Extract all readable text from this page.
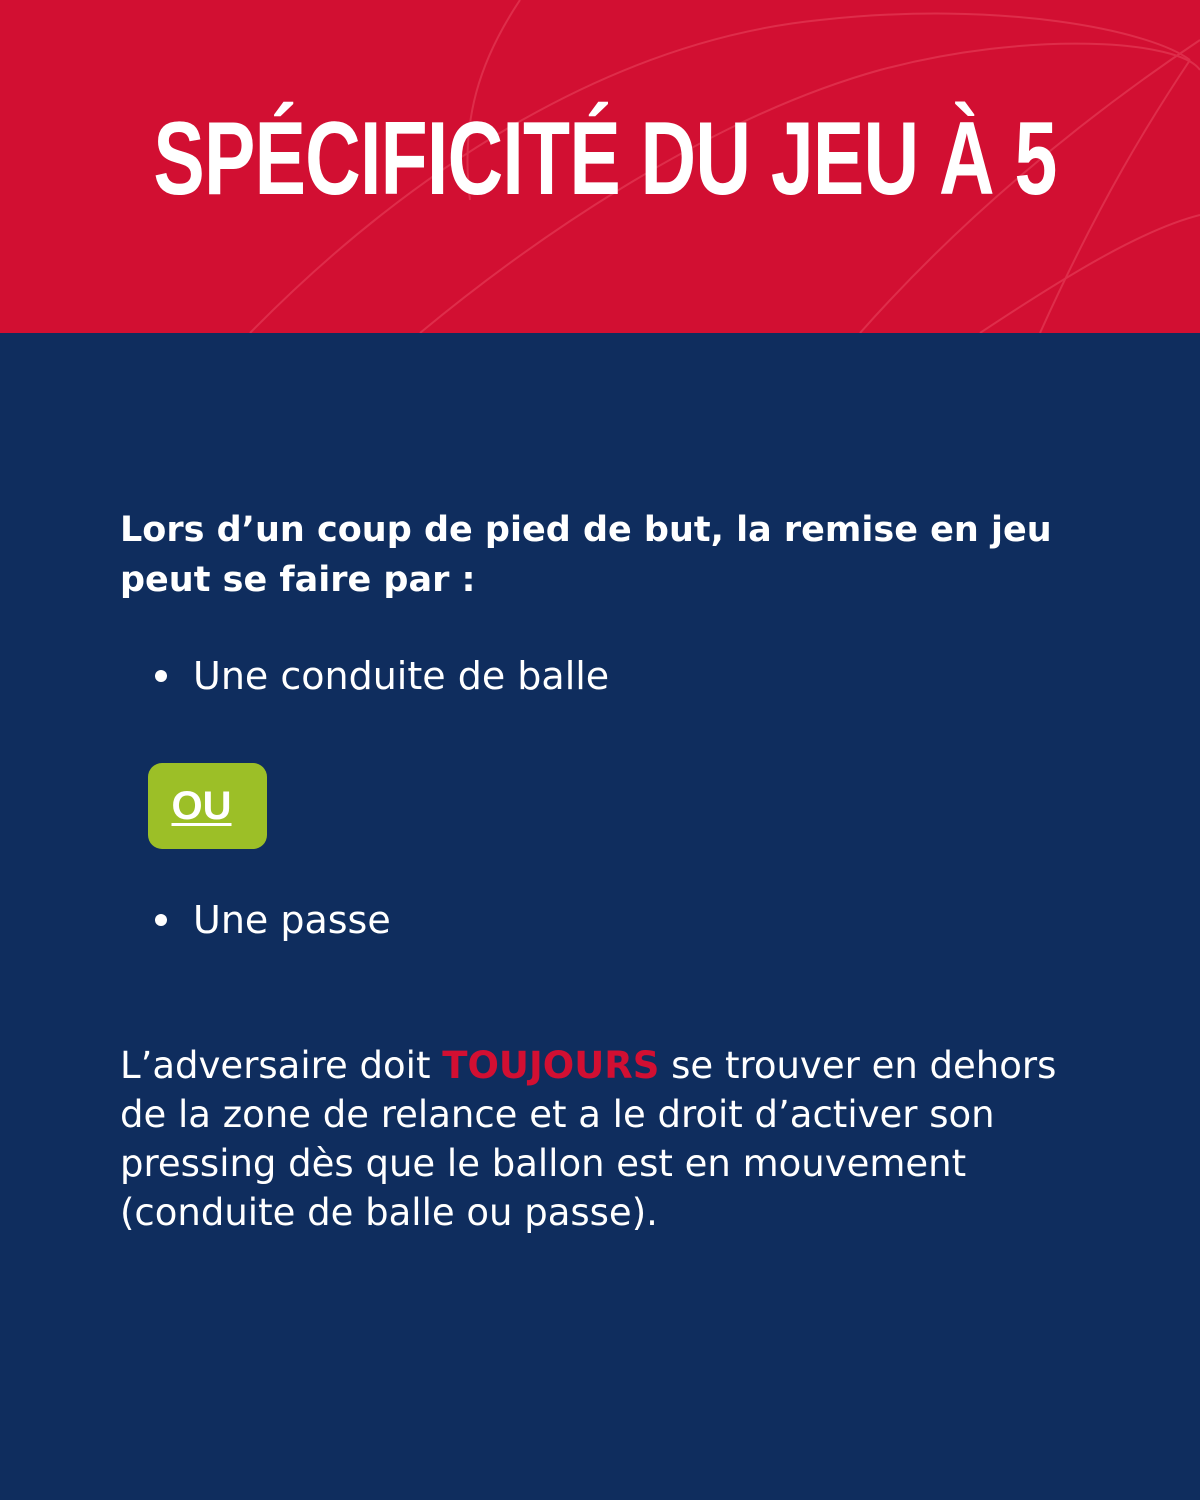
SPÉCIFICITÉ DU JEU À 5
Lors d’un coup de pied de but, la remise en jeu peut se faire par :
Une conduite de balle
OU
Une passe
L’adversaire doit TOUJOURS se trouver en dehors de la zone de relance et a le droit d’activer son pressing dès que le ballon est en mouvement (conduite de balle ou passe).
